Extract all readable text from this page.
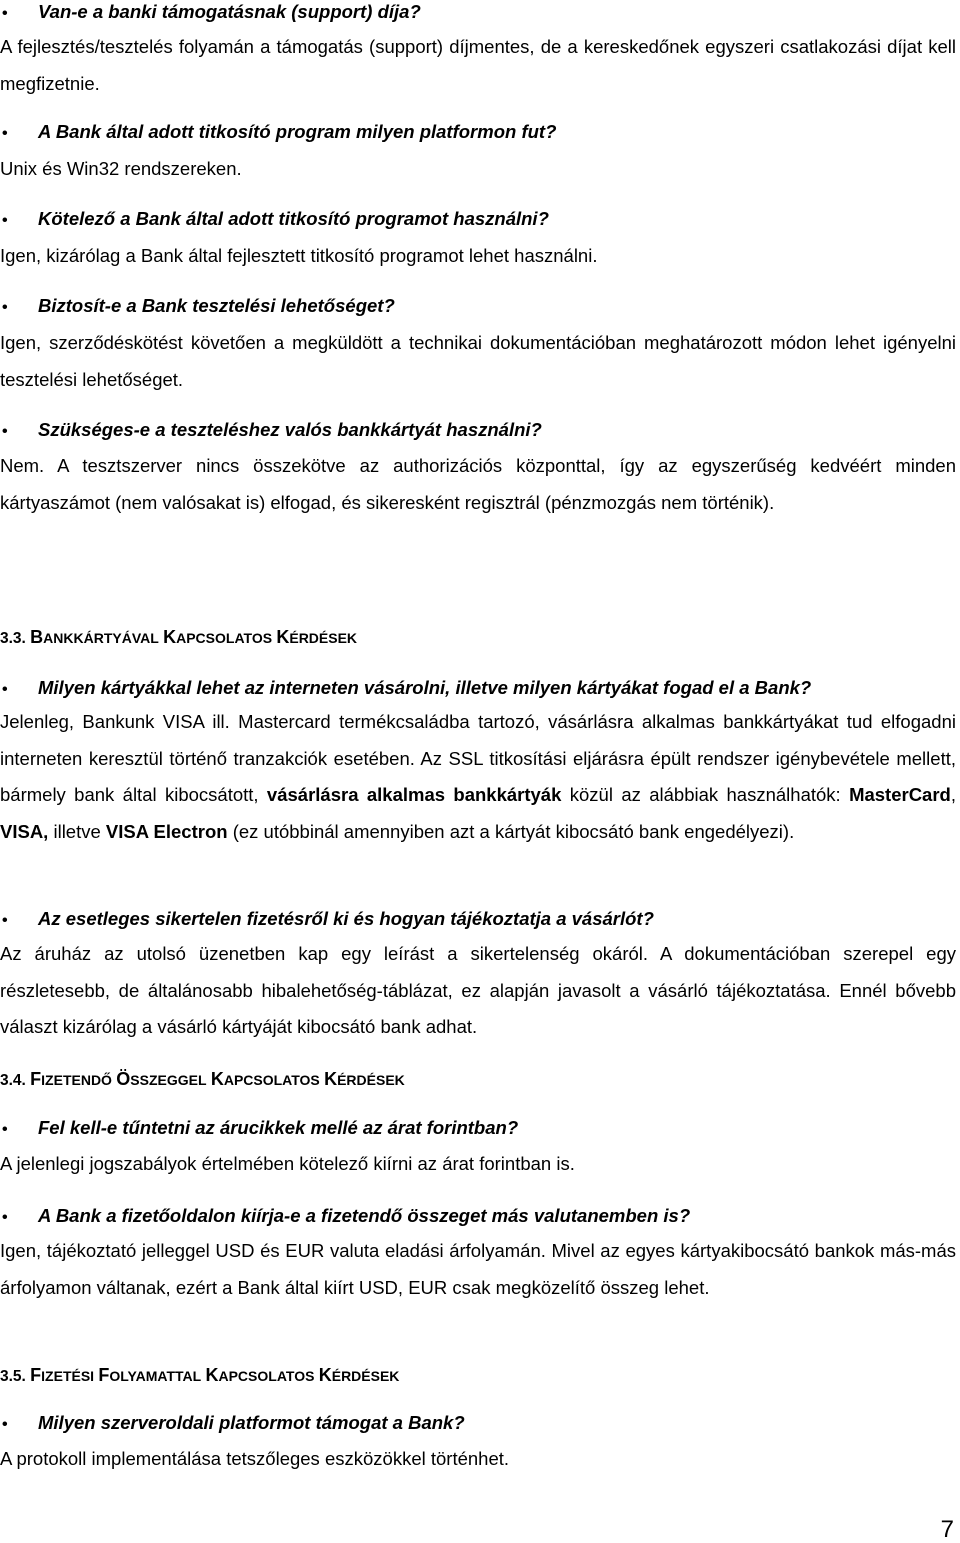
•	Van-e a banki támogatásnak (support) díja?
A fejlesztés/tesztelés folyamán a támogatás (support) díjmentes, de a kereskedőnek egyszeri csatlakozási díjat kell megfizetnie.
•	A Bank által adott titkosító program milyen platformon fut?
Unix és Win32 rendszereken.
•	Kötelező a Bank által adott titkosító programot használni?
Igen, kizárólag a Bank által fejlesztett titkosító programot lehet használni.
•	Biztosít-e a Bank tesztelési lehetőséget?
Igen, szerződéskötést követően a megküldött a technikai dokumentációban meghatározott módon lehet igényelni tesztelési lehetőséget.
•	Szükséges-e a teszteléshez valós bankkártyát használni?
Nem. A tesztszerver nincs összekötve az authorizációs központtal, így az egyszerűség kedvéért minden kártyaszámot (nem valósakat is) elfogad, és sikeresként regisztrál (pénzmozgás nem történik).
3.3. BANKKÁRTYÁVAL KAPCSOLATOS KÉRDÉSEK
•	Milyen kártyákkal lehet az interneten vásárolni, illetve milyen kártyákat fogad el a Bank?
Jelenleg, Bankunk VISA ill. Mastercard termékcsaládba tartozó, vásárlásra alkalmas bankkártyákat tud elfogadni interneten keresztül történő tranzakciók esetében. Az SSL titkosítási eljárásra épült rendszer igénybevétele mellett, bármely bank által kibocsátott, vásárlásra alkalmas bankkártyák közül az alábbiak használhatók: MasterCard, VISA, illetve VISA Electron (ez utóbbinál amennyiben azt a kártyát kibocsátó bank engedélyezi).
•	Az esetleges sikertelen fizetésről ki és hogyan tájékoztatja a vásárlót?
Az áruház az utolsó üzenetben kap egy leírást a sikertelenség okáról. A dokumentációban szerepel egy részletesebb, de általánosabb hibalehetőség-táblázat, ez alapján javasolt a vásárló tájékoztatása. Ennél bővebb választ kizárólag a vásárló kártyáját kibocsátó bank adhat.
3.4. FIZETENDŐ ÖSSZEGGEL KAPCSOLATOS KÉRDÉSEK
•	Fel kell-e tűntetni az árucikkek mellé az árat forintban?
A jelenlegi jogszabályok értelmében kötelező kiírni az árat forintban is.
•	A Bank a fizetőoldalon kiírja-e a fizetendő összeget más valutanemben is?
Igen, tájékoztató jelleggel USD és EUR valuta eladási árfolyamán. Mivel az egyes kártyakibocsátó bankok más-más árfolyamon váltanak, ezért a Bank által kiírt USD, EUR csak megközelítő összeg lehet.
3.5. FIZETÉSI FOLYAMATTAL KAPCSOLATOS KÉRDÉSEK
•	Milyen szerveroldali platformot támogat a Bank?
A protokoll implementálása tetszőleges eszközökkel történhet.
7
